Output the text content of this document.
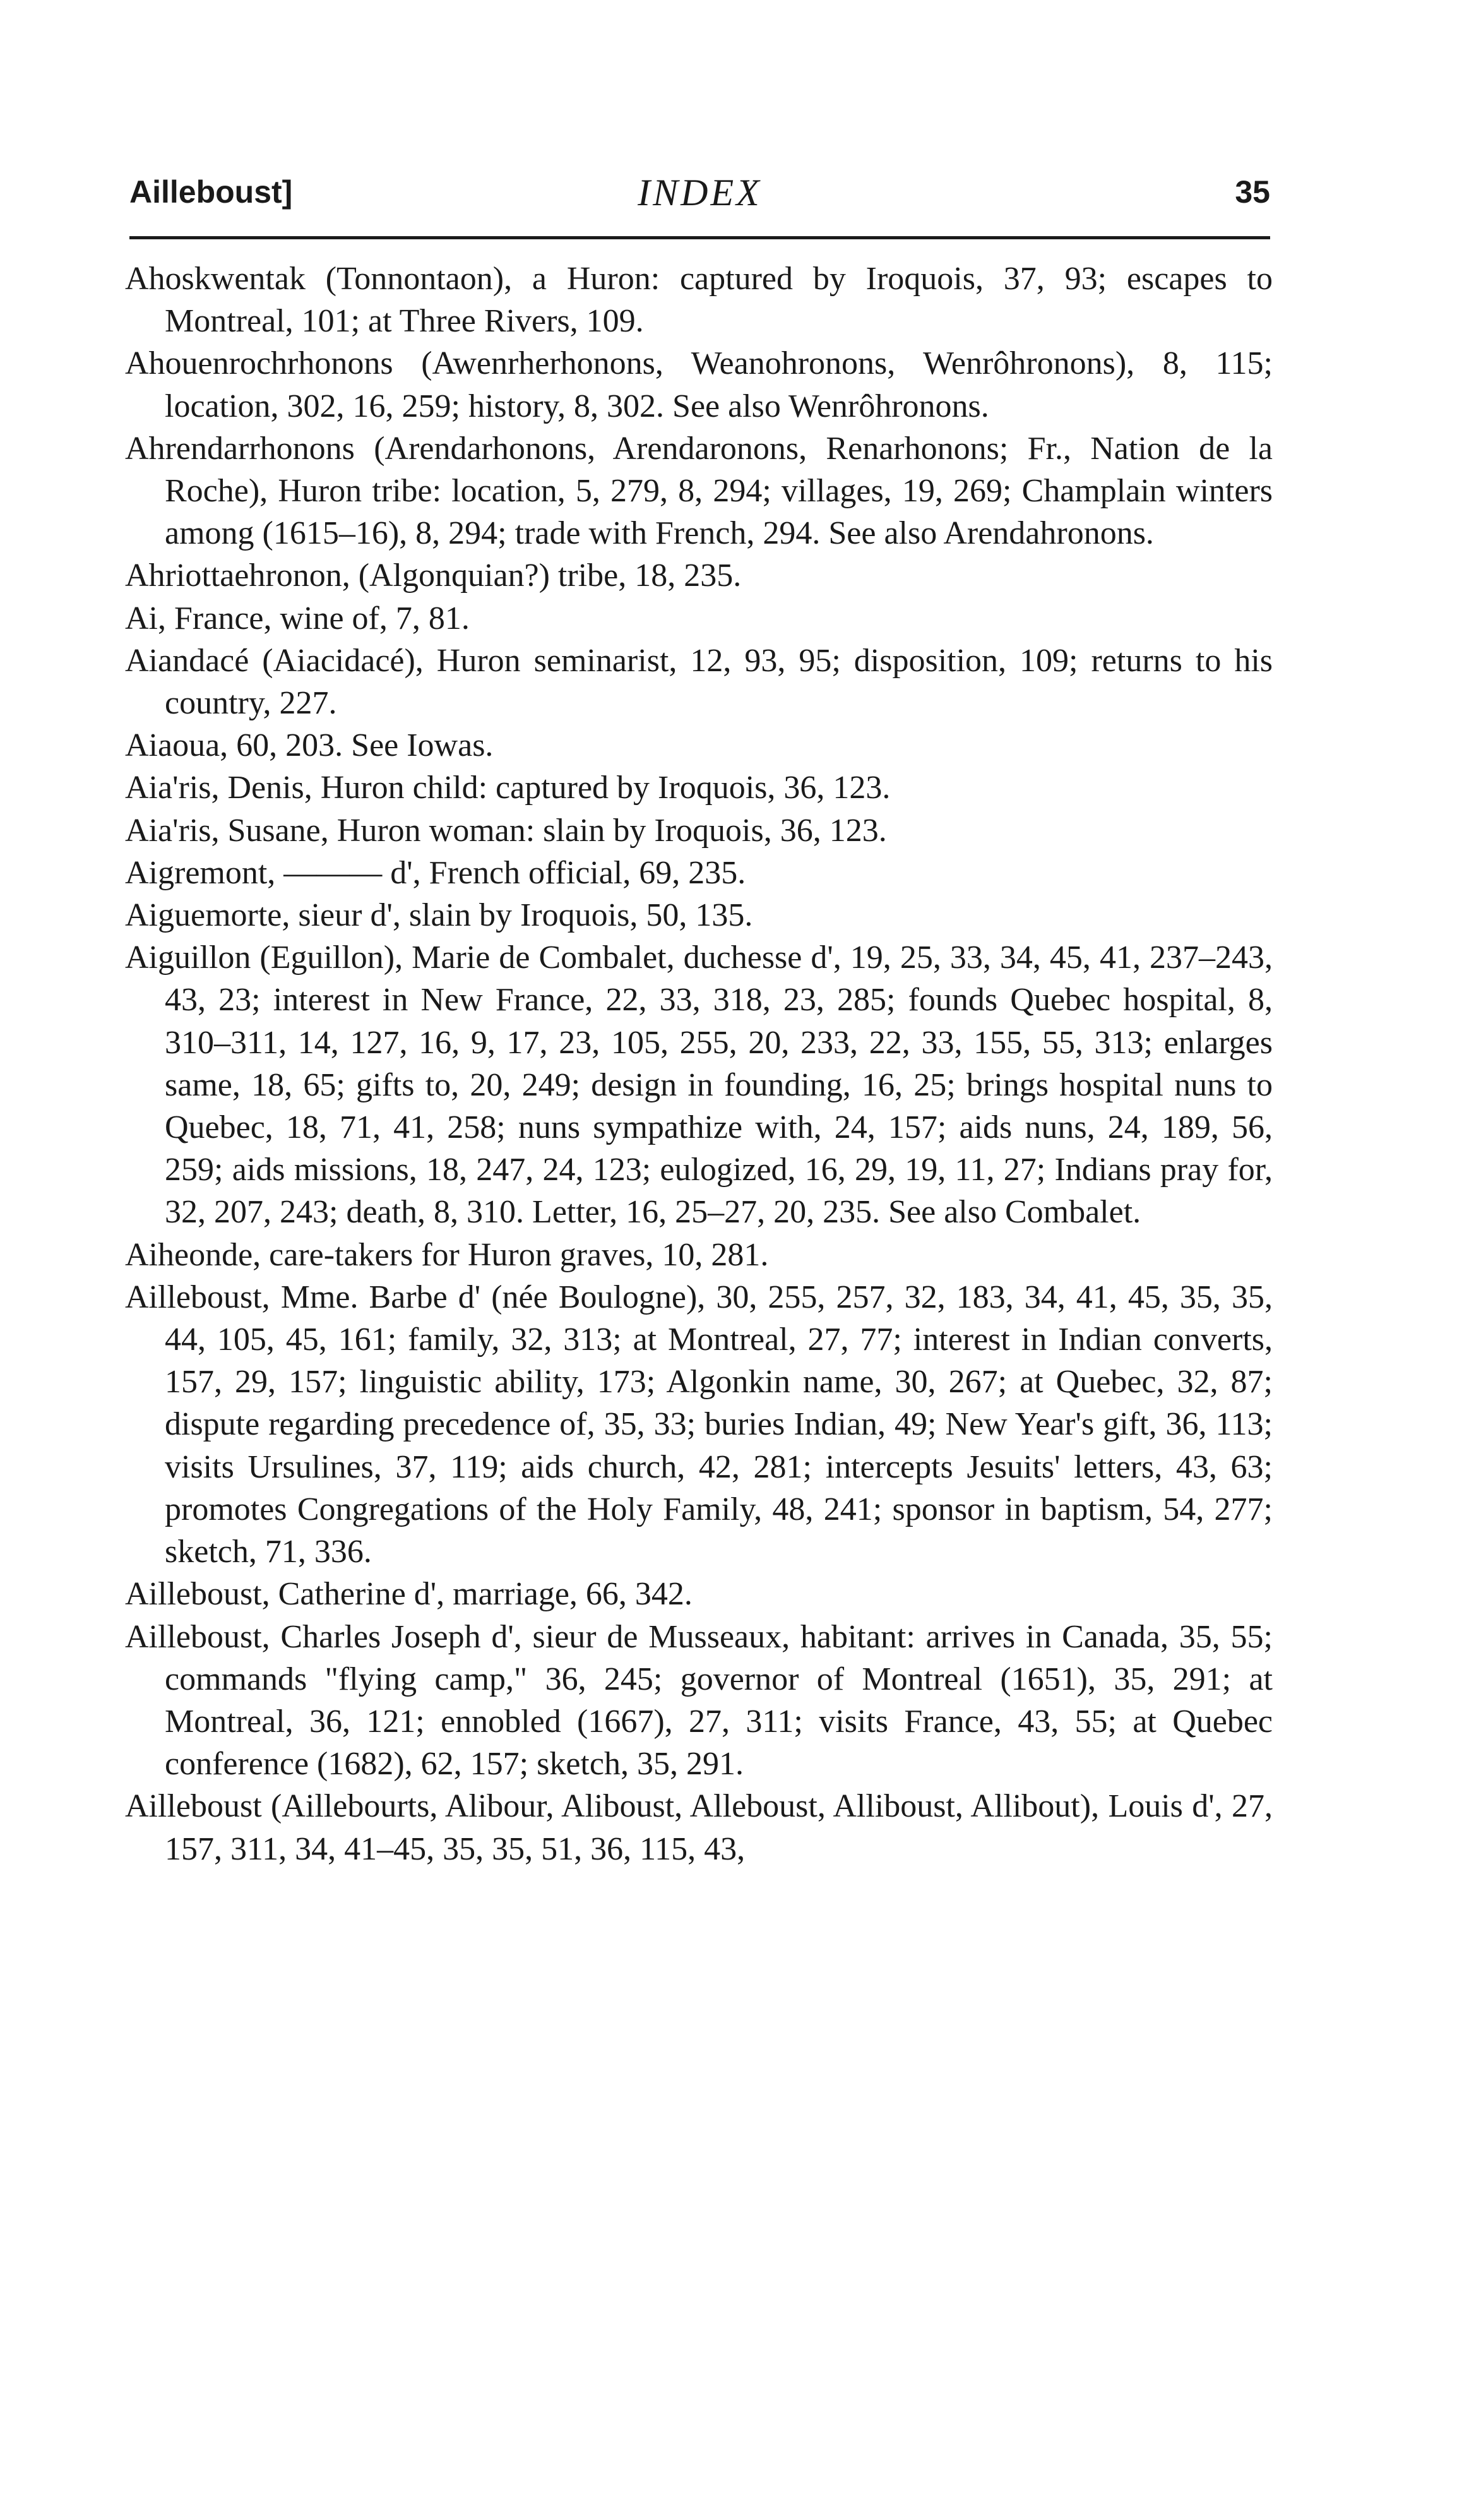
Ailleboust]	INDEX	35

Ahoskwentak (Tonnontaon), a Huron: captured by Iroquois, 37, 93; escapes to Montreal, 101; at Three Rivers, 109.

Ahouenrochrhonons (Awenrherhonons, Weanohronons, Wenrôhronons), 8, 115; location, 302, 16, 259; history, 8, 302. See also Wenrôhronons.

Ahrendarrhonons (Arendarhonons, Arendaronons, Renarhonons; Fr., Nation de la Roche), Huron tribe: location, 5, 279, 8, 294; villages, 19, 269; Champlain winters among (1615–16), 8, 294; trade with French, 294. See also Arendahronons.

Ahriottaehronon, (Algonquian?) tribe, 18, 235.

Ai, France, wine of, 7, 81.

Aiandacé (Aiacidacé), Huron seminarist, 12, 93, 95; disposition, 109; returns to his country, 227.

Aiaoua, 60, 203. See Iowas.

Aia'ris, Denis, Huron child: captured by Iroquois, 36, 123.

Aia'ris, Susane, Huron woman: slain by Iroquois, 36, 123.

Aigremont, ——— d', French official, 69, 235.

Aiguemorte, sieur d', slain by Iroquois, 50, 135.

Aiguillon (Eguillon), Marie de Combalet, duchesse d', 19, 25, 33, 34, 45, 41, 237–243, 43, 23; interest in New France, 22, 33, 318, 23, 285; founds Quebec hospital, 8, 310–311, 14, 127, 16, 9, 17, 23, 105, 255, 20, 233, 22, 33, 155, 55, 313; enlarges same, 18, 65; gifts to, 20, 249; design in founding, 16, 25; brings hospital nuns to Quebec, 18, 71, 41, 258; nuns sympathize with, 24, 157; aids nuns, 24, 189, 56, 259; aids missions, 18, 247, 24, 123; eulogized, 16, 29, 19, 11, 27; Indians pray for, 32, 207, 243; death, 8, 310. Letter, 16, 25–27, 20, 235. See also Combalet.

Aiheonde, care-takers for Huron graves, 10, 281.

Ailleboust, Mme. Barbe d' (née Boulogne), 30, 255, 257, 32, 183, 34, 41, 45, 35, 35, 44, 105, 45, 161; family, 32, 313; at Montreal, 27, 77; interest in Indian converts, 157, 29, 157; linguistic ability, 173; Algonkin name, 30, 267; at Quebec, 32, 87; dispute regarding precedence of, 35, 33; buries Indian, 49; New Year's gift, 36, 113; visits Ursulines, 37, 119; aids church, 42, 281; intercepts Jesuits' letters, 43, 63; promotes Congregations of the Holy Family, 48, 241; sponsor in baptism, 54, 277; sketch, 71, 336.

Ailleboust, Catherine d', marriage, 66, 342.

Ailleboust, Charles Joseph d', sieur de Musseaux, habitant: arrives in Canada, 35, 55; commands "flying camp," 36, 245; governor of Montreal (1651), 35, 291; at Montreal, 36, 121; ennobled (1667), 27, 311; visits France, 43, 55; at Quebec conference (1682), 62, 157; sketch, 35, 291.

Ailleboust (Aillebourts, Alibour, Aliboust, Alleboust, Alliboust, Allibout), Louis d', 27, 157, 311, 34, 41–45, 35, 35, 51, 36, 115, 43,
